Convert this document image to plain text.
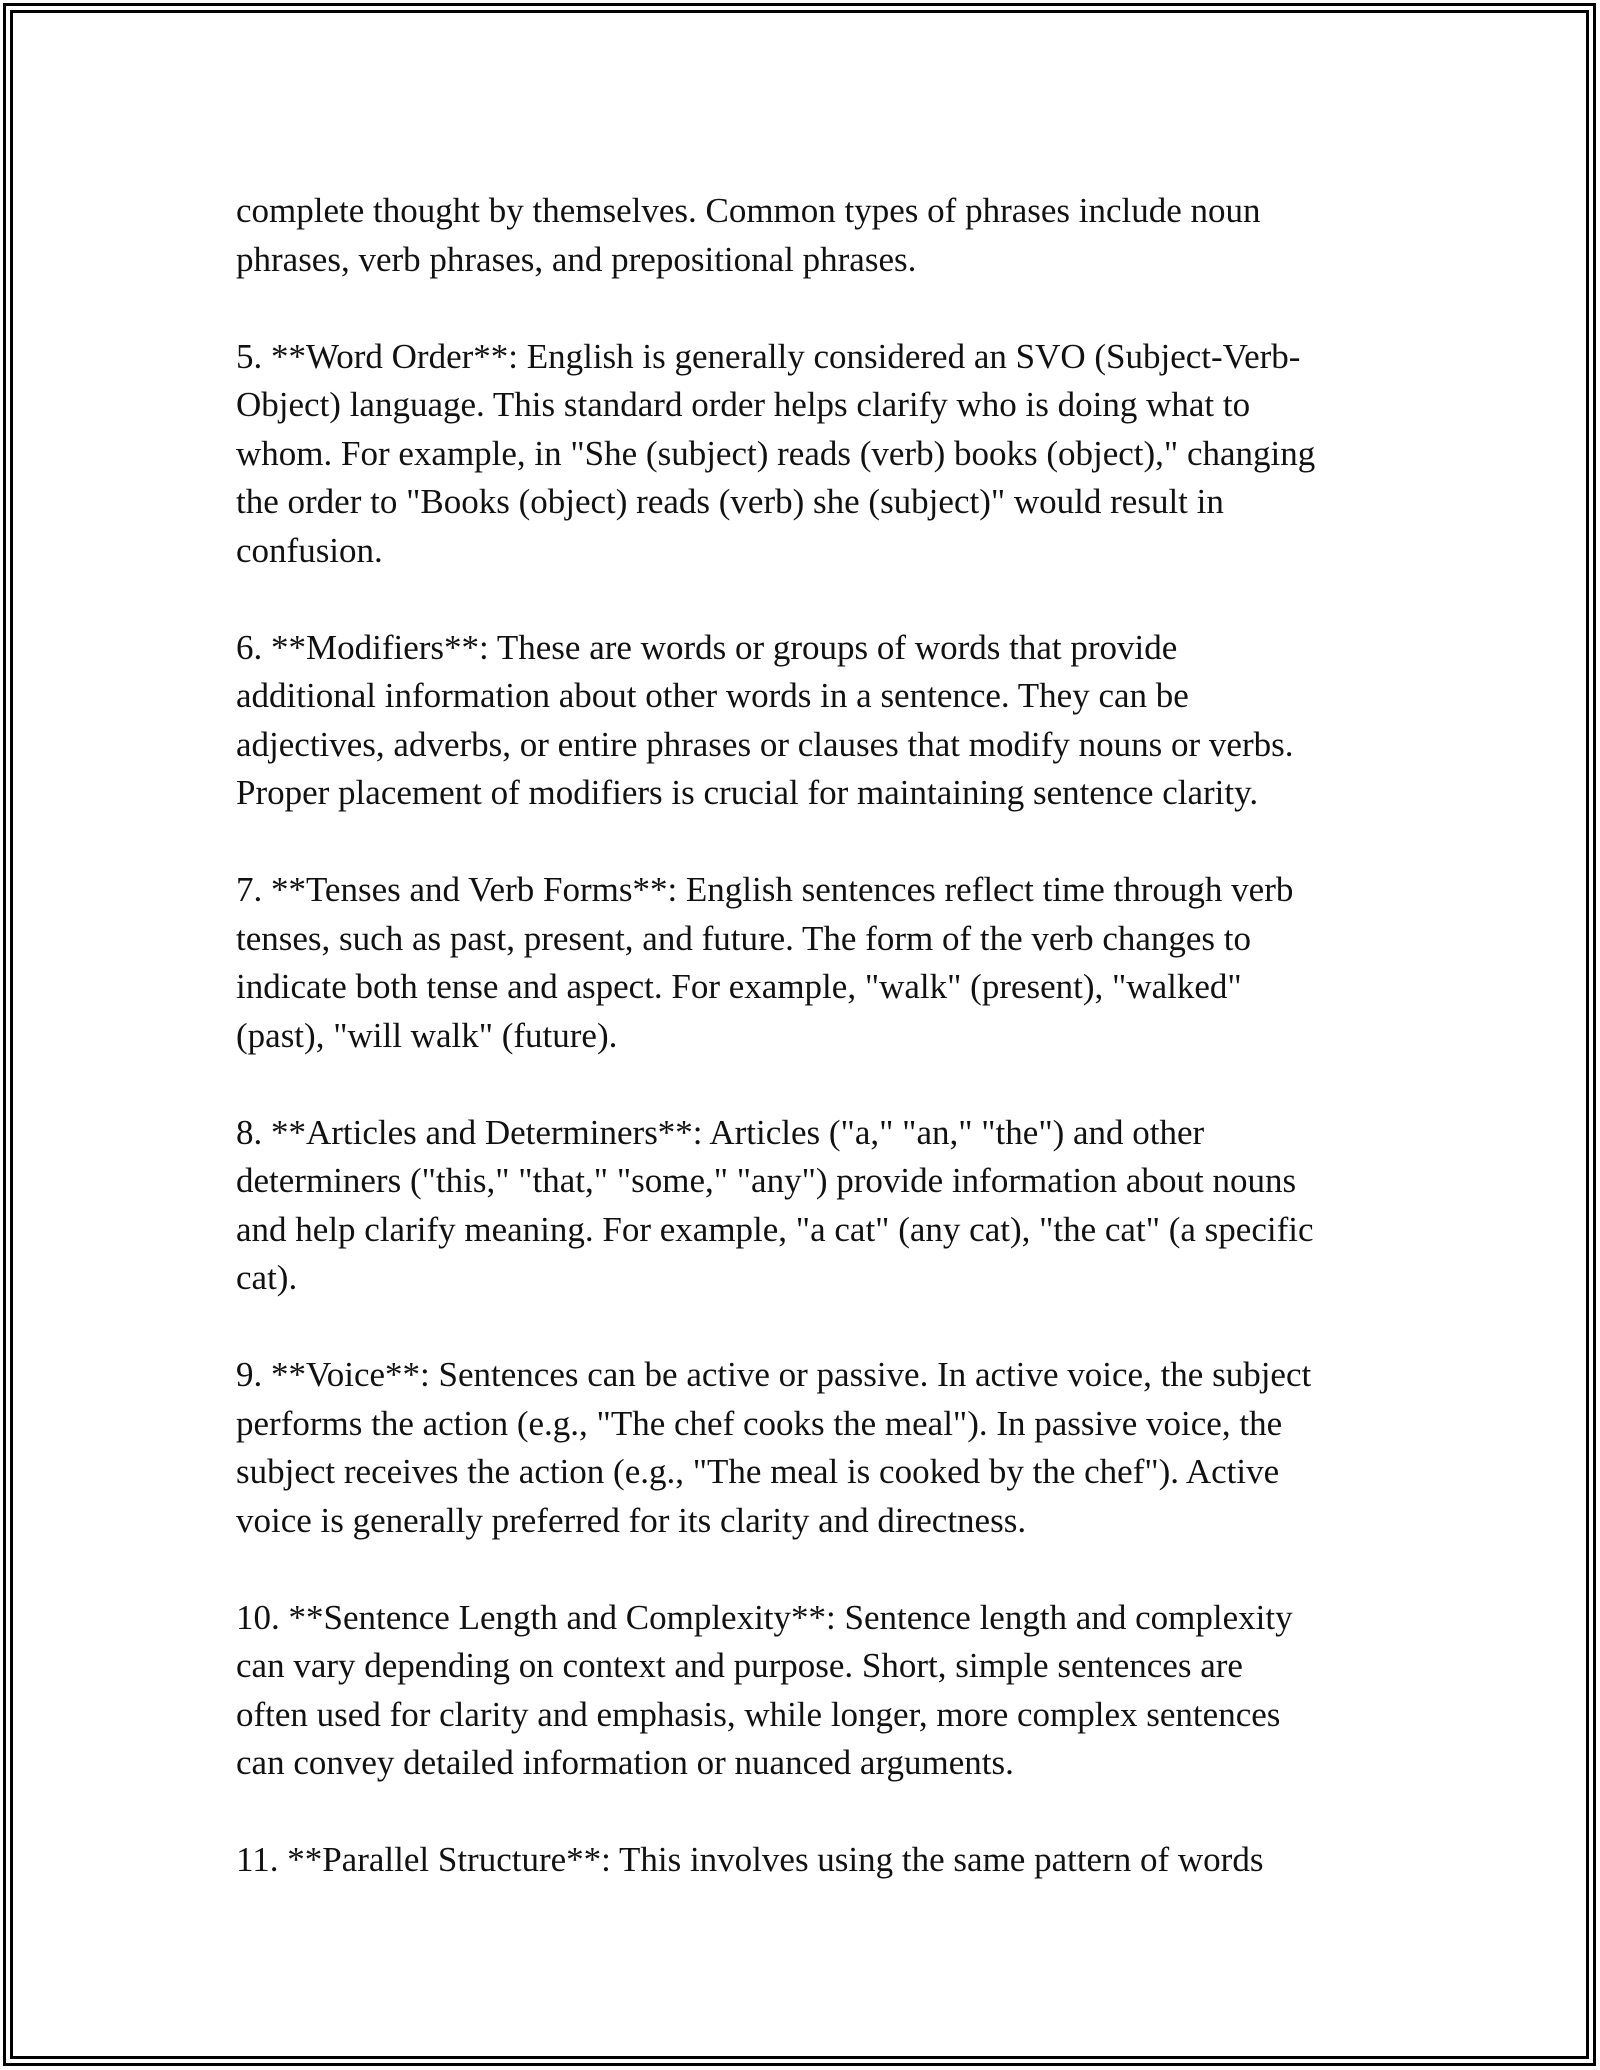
complete thought by themselves. Common types of phrases include noun
phrases, verb phrases, and prepositional phrases.

5. **Word Order**: English is generally considered an SVO (Subject-Verb-
Object) language. This standard order helps clarify who is doing what to
whom. For example, in "She (subject) reads (verb) books (object)," changing
the order to "Books (object) reads (verb) she (subject)" would result in
confusion.

6. **Modifiers**: These are words or groups of words that provide
additional information about other words in a sentence. They can be
adjectives, adverbs, or entire phrases or clauses that modify nouns or verbs.
Proper placement of modifiers is crucial for maintaining sentence clarity.

7. **Tenses and Verb Forms**: English sentences reflect time through verb
tenses, such as past, present, and future. The form of the verb changes to
indicate both tense and aspect. For example, "walk" (present), "walked"
(past), "will walk" (future).

8. **Articles and Determiners**: Articles ("a," "an," "the") and other
determiners ("this," "that," "some," "any") provide information about nouns
and help clarify meaning. For example, "a cat" (any cat), "the cat" (a specific
cat).

9. **Voice**: Sentences can be active or passive. In active voice, the subject
performs the action (e.g., "The chef cooks the meal"). In passive voice, the
subject receives the action (e.g., "The meal is cooked by the chef"). Active
voice is generally preferred for its clarity and directness.

10. **Sentence Length and Complexity**: Sentence length and complexity
can vary depending on context and purpose. Short, simple sentences are
often used for clarity and emphasis, while longer, more complex sentences
can convey detailed information or nuanced arguments.

11. **Parallel Structure**: This involves using the same pattern of words
